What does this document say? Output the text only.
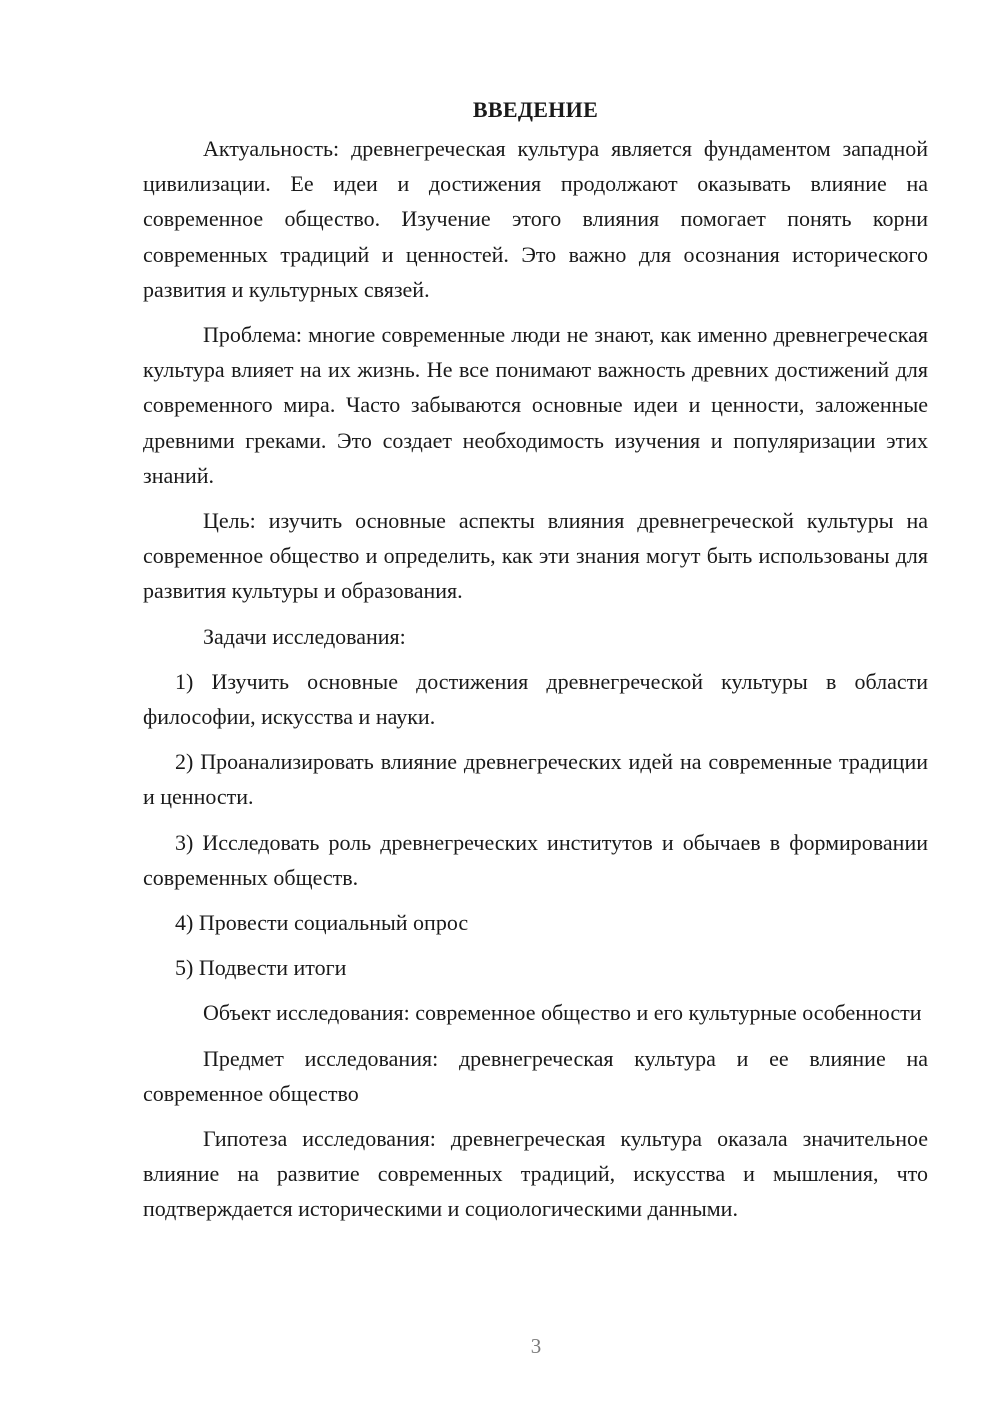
ВВЕДЕНИЕ

Актуальность: древнегреческая культура является фундаментом западной цивилизации. Ее идеи и достижения продолжают оказывать влияние на современное общество. Изучение этого влияния помогает понять корни современных традиций и ценностей. Это важно для осознания исторического развития и культурных связей.

Проблема: многие современные люди не знают, как именно древнегреческая культура влияет на их жизнь. Не все понимают важность древних достижений для современного мира. Часто забываются основные идеи и ценности, заложенные древними греками. Это создает необходимость изучения и популяризации этих знаний.

Цель: изучить основные аспекты влияния древнегреческой культуры на современное общество и определить, как эти знания могут быть использованы для развития культуры и образования.

Задачи исследования:

1) Изучить основные достижения древнегреческой культуры в области философии, искусства и науки.

2) Проанализировать влияние древнегреческих идей на современные традиции и ценности.

3) Исследовать роль древнегреческих институтов и обычаев в формировании современных обществ.

4) Провести социальный опрос

5) Подвести итоги

Объект исследования: современное общество и его культурные особенности

Предмет исследования: древнегреческая культура и ее влияние на современное общество

Гипотеза исследования: древнегреческая культура оказала значительное влияние на развитие современных традиций, искусства и мышления, что подтверждается историческими и социологическими данными.

3
